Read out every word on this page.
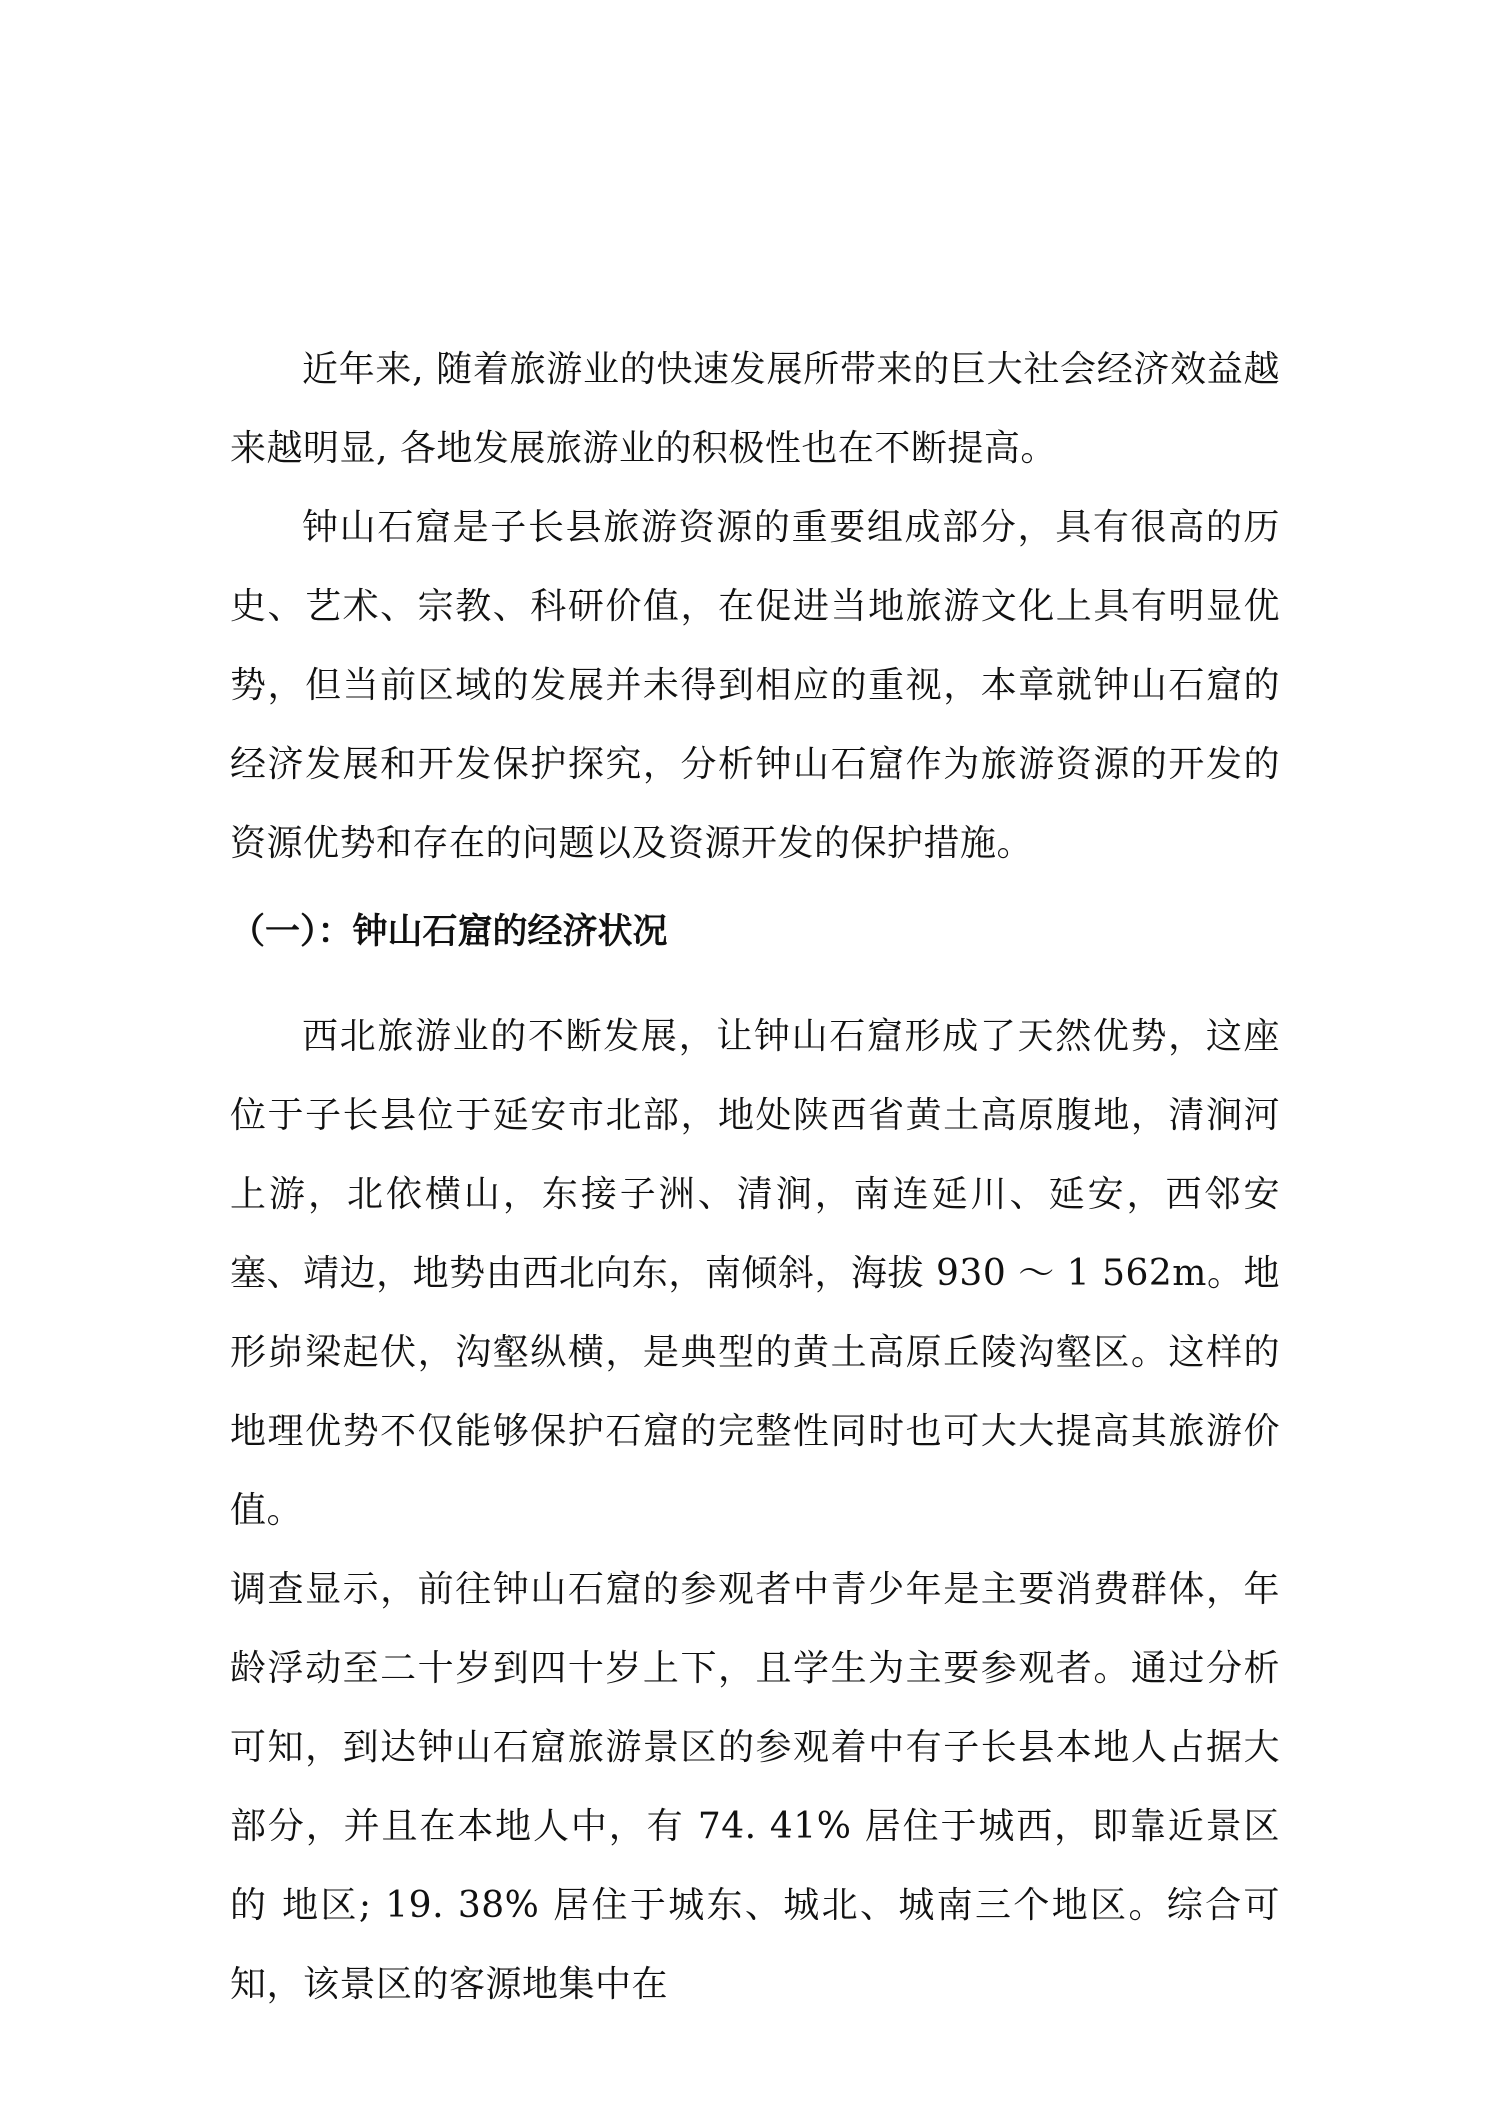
近年来, 随着旅游业的快速发展所带来的巨大社会经济效益越来越明显, 各地发展旅游业的积极性也在不断提高。

钟山石窟是子长县旅游资源的重要组成部分，具有很高的历史、艺术、宗教、科研价值，在促进当地旅游文化上具有明显优势，但当前区域的发展并未得到相应的重视，本章就钟山石窟的经济发展和开发保护探究，分析钟山石窟作为旅游资源的开发的资源优势和存在的问题以及资源开发的保护措施。

（一）：钟山石窟的经济状况

西北旅游业的不断发展，让钟山石窟形成了天然优势，这座位于子长县位于延安市北部，地处陕西省黄土高原腹地，清涧河上游，北依横山，东接子洲、清涧，南连延川、延安，西邻安塞、靖边，地势由西北向东，南倾斜，海拔 930 ～ 1 562m。地形峁梁起伏，沟壑纵横，是典型的黄土高原丘陵沟壑区。这样的地理优势不仅能够保护石窟的完整性同时也可大大提高其旅游价值。

调查显示，前往钟山石窟的参观者中青少年是主要消费群体，年龄浮动至二十岁到四十岁上下，且学生为主要参观者。通过分析可知，到达钟山石窟旅游景区的参观着中有子长县本地人占据大部分，并且在本地人中，有 74. 41% 居住于城西，即靠近景区的 地区; 19. 38% 居住于城东、城北、城南三个地区。综合可知，该景区的客源地集中在
